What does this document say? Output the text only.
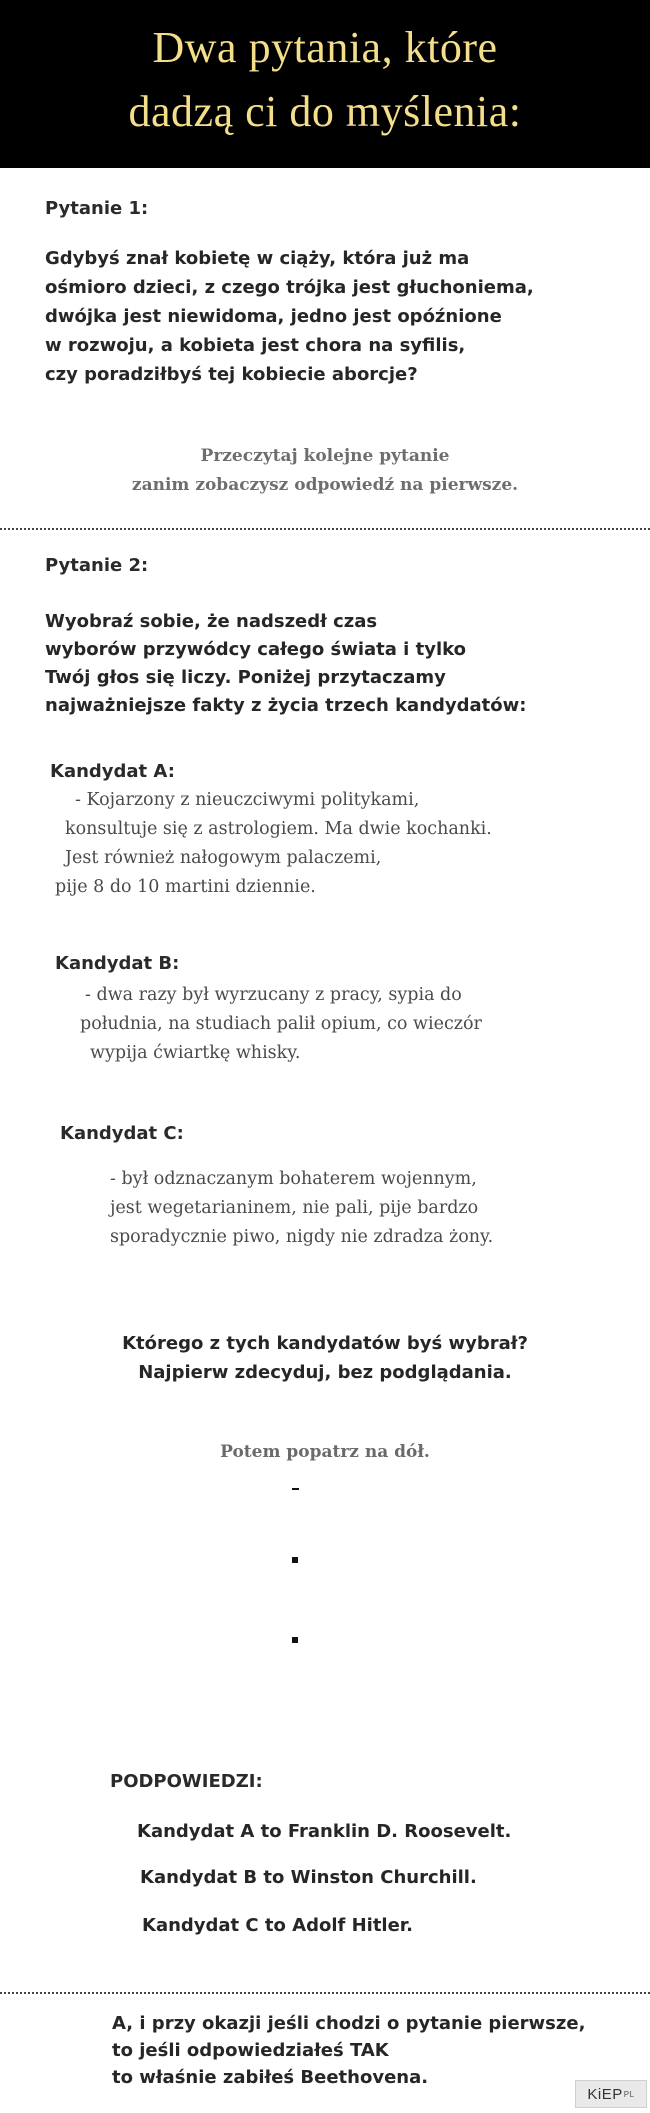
Dwa pytania, które
dadzą ci do myślenia:

Pytanie 1:

Gdybyś znał kobietę w ciąży, która już ma

ośmioro dzieci, z czego trójka jest głuchoniema,

dwójka jest niewidoma, jedno jest opóźnione

w rozwoju, a kobieta jest chora na syfilis,

czy poradziłbyś tej kobiecie aborcje?

Przeczytaj kolejne pytanie

zanim zobaczysz odpowiedź na pierwsze.

Pytanie 2:

Wyobraź sobie, że nadszedł czas

wyborów przywódcy całego świata i tylko

Twój głos się liczy. Poniżej przytaczamy

najważniejsze fakty z życia trzech kandydatów:

Kandydat A:

- Kojarzony z nieuczciwymi politykami,

konsultuje się z astrologiem. Ma dwie kochanki.

Jest również nałogowym palaczemi,

pije 8 do 10 martini dziennie.

Kandydat B:

- dwa razy był wyrzucany z pracy, sypia do

południa, na studiach palił opium, co wieczór

wypija ćwiartkę whisky.

Kandydat C:

- był odznaczanym bohaterem wojennym,

jest wegetarianinem, nie pali, pije bardzo

sporadycznie piwo, nigdy nie zdradza żony.

Którego z tych kandydatów byś wybrał?

Najpierw zdecyduj, bez podglądania.

Potem popatrz na dół.

PODPOWIEDZI:

Kandydat A to Franklin D. Roosevelt.

Kandydat B to Winston Churchill.

Kandydat C to Adolf Hitler.

A, i przy okazji jeśli chodzi o pytanie pierwsze,

to jeśli odpowiedziałeś TAK

to właśnie zabiłeś Beethovena.

KiEP PL
